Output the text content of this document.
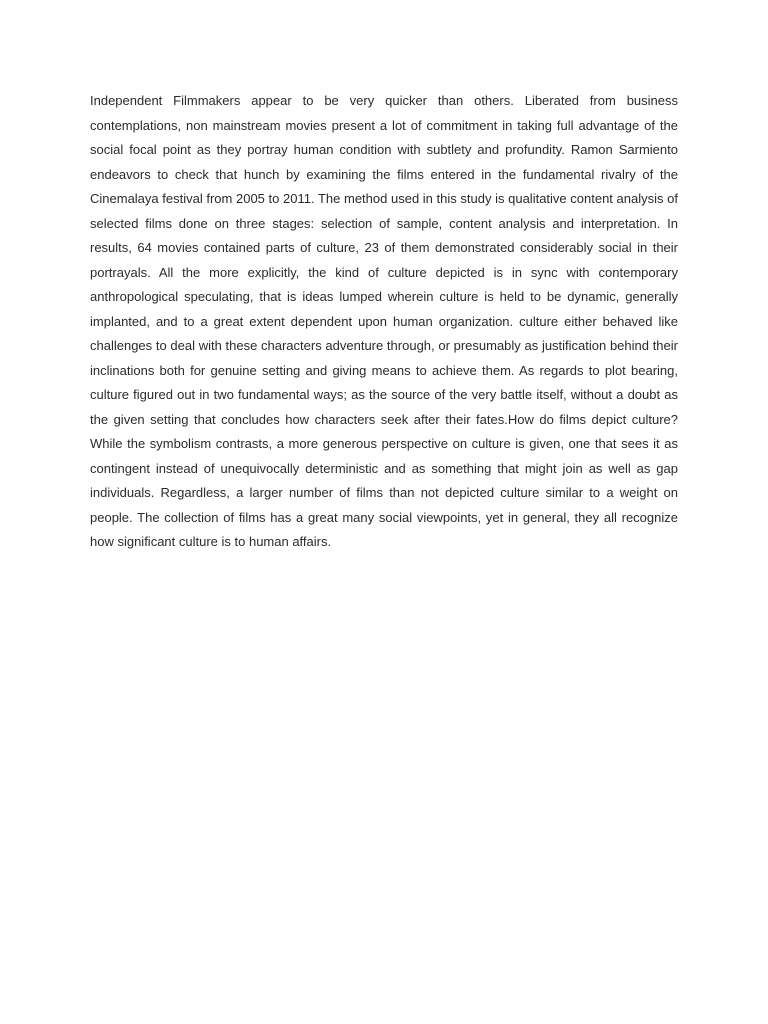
Independent Filmmakers appear to be very quicker than others. Liberated from business contemplations, non mainstream movies present a lot of commitment in taking full advantage of the social focal point as they portray human condition with subtlety and profundity. Ramon Sarmiento endeavors to check that hunch by examining the films entered in the fundamental rivalry of the Cinemalaya festival from 2005 to 2011. The method used in this study is qualitative content analysis of selected films done on three stages: selection of sample, content analysis and interpretation. In results, 64 movies contained parts of culture, 23 of them demonstrated considerably social in their portrayals. All the more explicitly, the kind of culture depicted is in sync with contemporary anthropological speculating, that is ideas lumped wherein culture is held to be dynamic, generally implanted, and to a great extent dependent upon human organization. culture either behaved like challenges to deal with these characters adventure through, or presumably as justification behind their inclinations both for genuine setting and giving means to achieve them. As regards to plot bearing, culture figured out in two fundamental ways; as the source of the very battle itself, without a doubt as the given setting that concludes how characters seek after their fates.How do films depict culture? While the symbolism contrasts, a more generous perspective on culture is given, one that sees it as contingent instead of unequivocally deterministic and as something that might join as well as gap individuals. Regardless, a larger number of films than not depicted culture similar to a weight on people. The collection of films has a great many social viewpoints, yet in general, they all recognize how significant culture is to human affairs.
